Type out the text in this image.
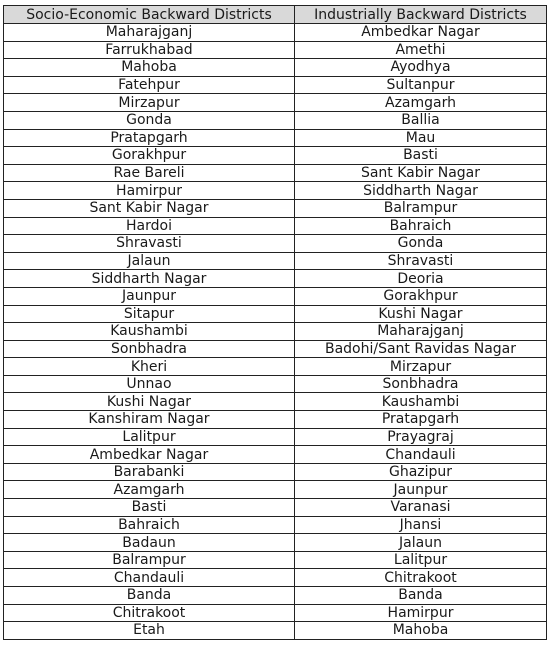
Socio-Economic Backward Districts	Industrially Backward Districts
Maharajganj	Ambedkar Nagar
Farrukhabad	Amethi
Mahoba	Ayodhya
Fatehpur	Sultanpur
Mirzapur	Azamgarh
Gonda	Ballia
Pratapgarh	Mau
Gorakhpur	Basti
Rae Bareli	Sant Kabir Nagar
Hamirpur	Siddharth Nagar
Sant Kabir Nagar	Balrampur
Hardoi	Bahraich
Shravasti	Gonda
Jalaun	Shravasti
Siddharth Nagar	Deoria
Jaunpur	Gorakhpur
Sitapur	Kushi Nagar
Kaushambi	Maharajganj
Sonbhadra	Badohi/Sant Ravidas Nagar
Kheri	Mirzapur
Unnao	Sonbhadra
Kushi Nagar	Kaushambi
Kanshiram Nagar	Pratapgarh
Lalitpur	Prayagraj
Ambedkar Nagar	Chandauli
Barabanki	Ghazipur
Azamgarh	Jaunpur
Basti	Varanasi
Bahraich	Jhansi
Badaun	Jalaun
Balrampur	Lalitpur
Chandauli	Chitrakoot
Banda	Banda
Chitrakoot	Hamirpur
Etah	Mahoba
